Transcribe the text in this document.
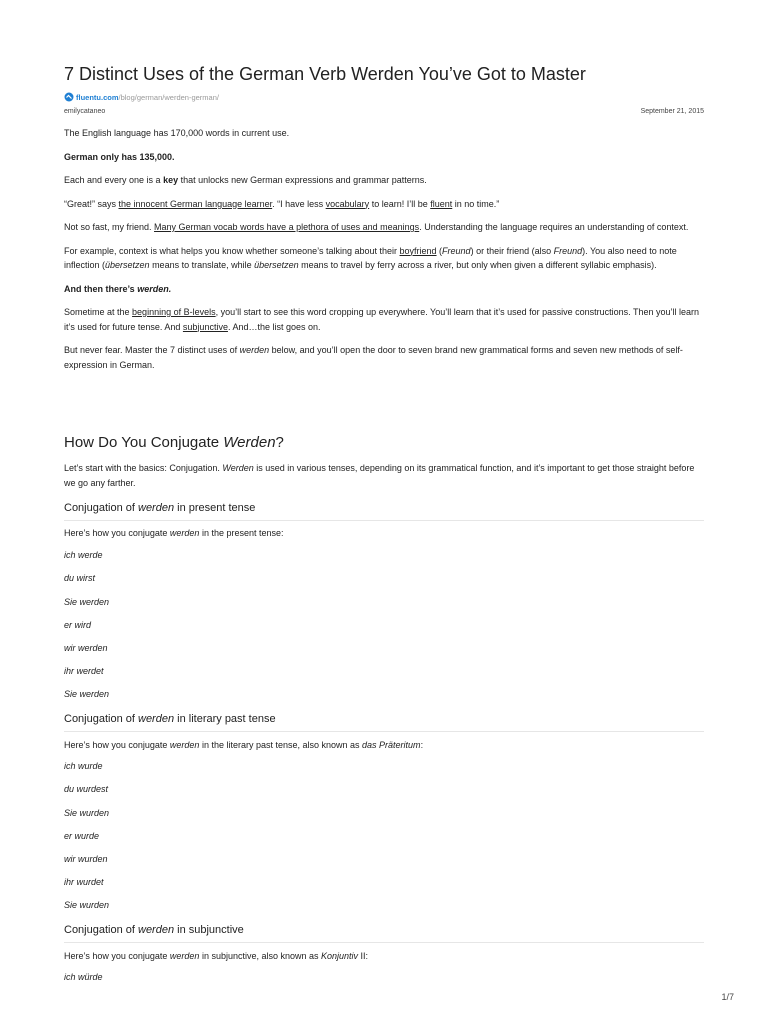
7 Distinct Uses of the German Verb Werden You’ve Got to Master
fluentu.com /blog/german/werden-german/
emilycataneo	September 21, 2015

The English language has 170,000 words in current use.

German only has 135,000.

Each and every one is a key that unlocks new German expressions and grammar patterns.

“Great!” says the innocent German language learner. “I have less vocabulary to learn! I’ll be fluent in no time.”

Not so fast, my friend. Many German vocab words have a plethora of uses and meanings. Understanding the language requires an understanding of context.

For example, context is what helps you know whether someone’s talking about their boyfriend (Freund) or their friend (also Freund). You also need to note inflection (übersetzen means to translate, while übersetzen means to travel by ferry across a river, but only when given a different syllabic emphasis).

And then there’s werden.

Sometime at the beginning of B-levels, you’ll start to see this word cropping up everywhere. You’ll learn that it’s used for passive constructions. Then you’ll learn it’s used for future tense. And subjunctive. And…the list goes on.

But never fear. Master the 7 distinct uses of werden below, and you’ll open the door to seven brand new grammatical forms and seven new methods of self-expression in German.

How Do You Conjugate Werden?
Let’s start with the basics: Conjugation. Werden is used in various tenses, depending on its grammatical function, and it’s important to get those straight before we go any farther.
Conjugation of werden in present tense
Here’s how you conjugate werden in the present tense:
ich werde
du wirst
Sie werden
er wird
wir werden
ihr werdet
Sie werden
Conjugation of werden in literary past tense
Here’s how you conjugate werden in the literary past tense, also known as das Präteritum:
ich wurde
du wurdest
Sie wurden
er wurde
wir wurden
ihr wurdet
Sie wurden
Conjugation of werden in subjunctive
Here’s how you conjugate werden in subjunctive, also known as Konjuntiv II:
ich würde
1/7
